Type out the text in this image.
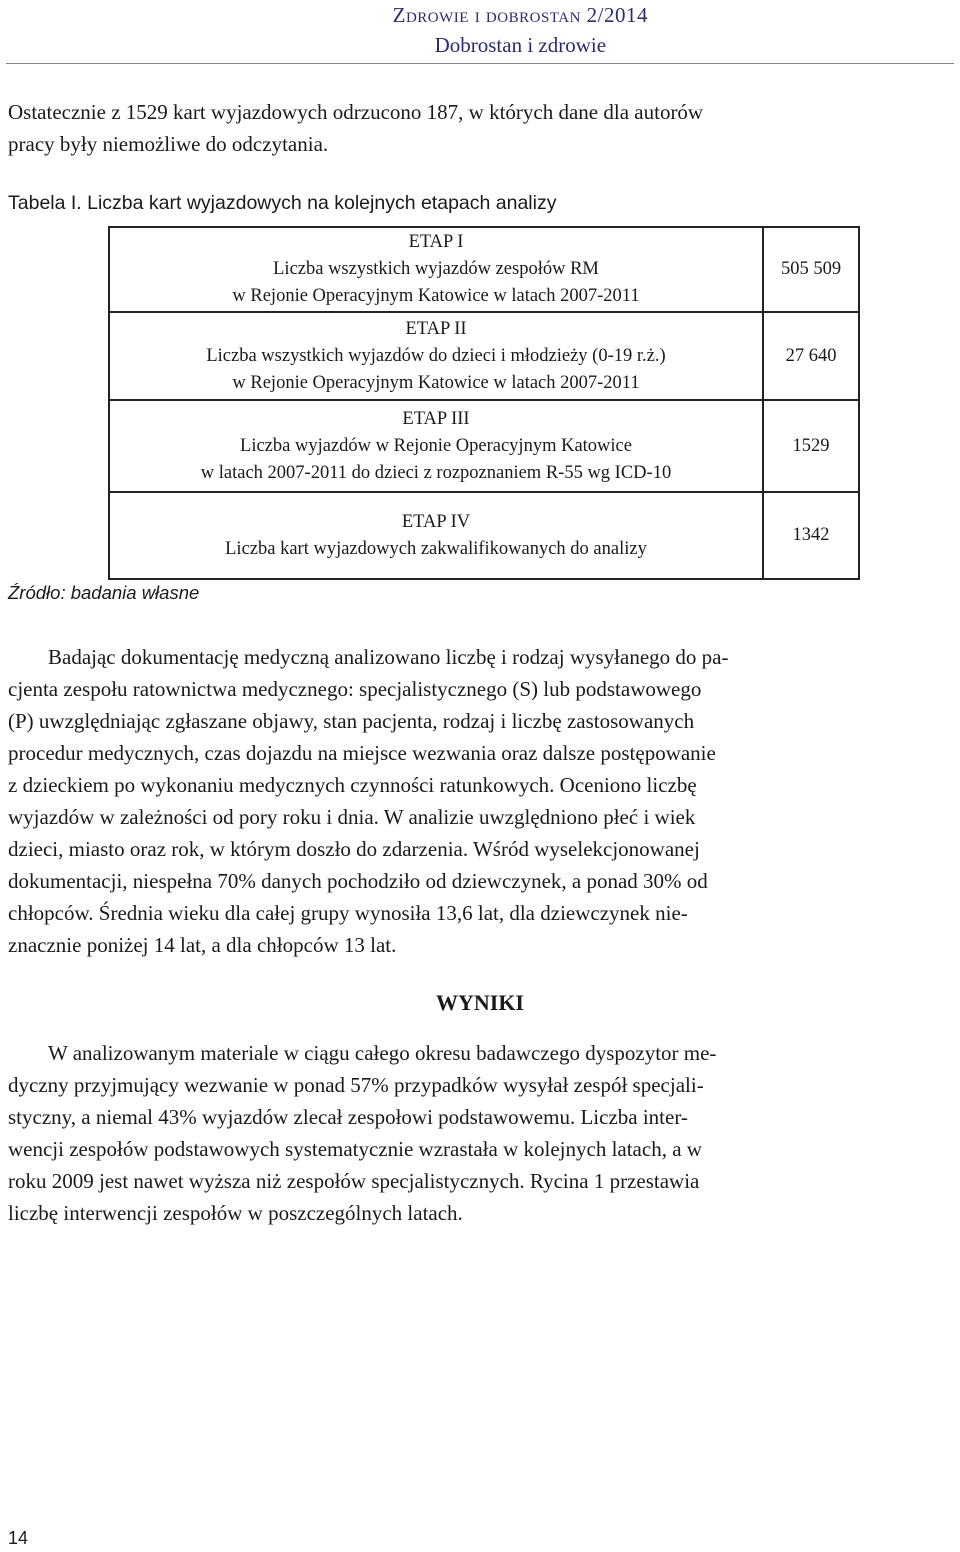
Zdrowie i dobrostan 2/2014
Dobrostan i zdrowie
Ostatecznie z 1529 kart wyjazdowych odrzucono 187, w których dane dla autorów
pracy były niemożliwe do odczytania.
Tabela I. Liczba kart wyjazdowych na kolejnych etapach analizy
ETAP I
Liczba wszystkich wyjazdów zespołów RM
w Rejonie Operacyjnym Katowice w latach 2007-2011	505 509

ETAP II
Liczba wszystkich wyjazdów do dzieci i młodzieży (0-19 r.ż.)
w Rejonie Operacyjnym Katowice w latach 2007-2011	27 640

ETAP III
Liczba wyjazdów w Rejonie Operacyjnym Katowice
w latach 2007-2011 do dzieci z rozpoznaniem R-55 wg ICD-10	1529

ETAP IV
Liczba kart wyjazdowych zakwalifikowanych do analizy	1342
Źródło: badania własne
Badając dokumentację medyczną analizowano liczbę i rodzaj wysyłanego do pa-
cjenta zespołu ratownictwa medycznego: specjalistycznego (S) lub podstawowego
(P) uwzględniając zgłaszane objawy, stan pacjenta, rodzaj i liczbę zastosowanych
procedur medycznych, czas dojazdu na miejsce wezwania oraz dalsze postępowanie
z dzieckiem po wykonaniu medycznych czynności ratunkowych. Oceniono liczbę
wyjazdów w zależności od pory roku i dnia. W analizie uwzględniono płeć i wiek
dzieci, miasto oraz rok, w którym doszło do zdarzenia. Wśród wyselekcjonowanej
dokumentacji, niespełna 70% danych pochodziło od dziewczynek, a ponad 30% od
chłopców. Średnia wieku dla całej grupy wynosiła 13,6 lat, dla dziewczynek nie-
znacznie poniżej 14 lat, a dla chłopców 13 lat.
WYNIKI
W analizowanym materiale w ciągu całego okresu badawczego dyspozytor me-
dyczny przyjmujący wezwanie w ponad 57% przypadków wysyłał zespół specjali-
styczny, a niemal 43% wyjazdów zlecał zespołowi podstawowemu. Liczba inter-
wencji zespołów podstawowych systematycznie wzrastała w kolejnych latach, a w
roku 2009 jest nawet wyższa niż zespołów specjalistycznych. Rycina 1 przestawia
liczbę interwencji zespołów w poszczególnych latach.
14
